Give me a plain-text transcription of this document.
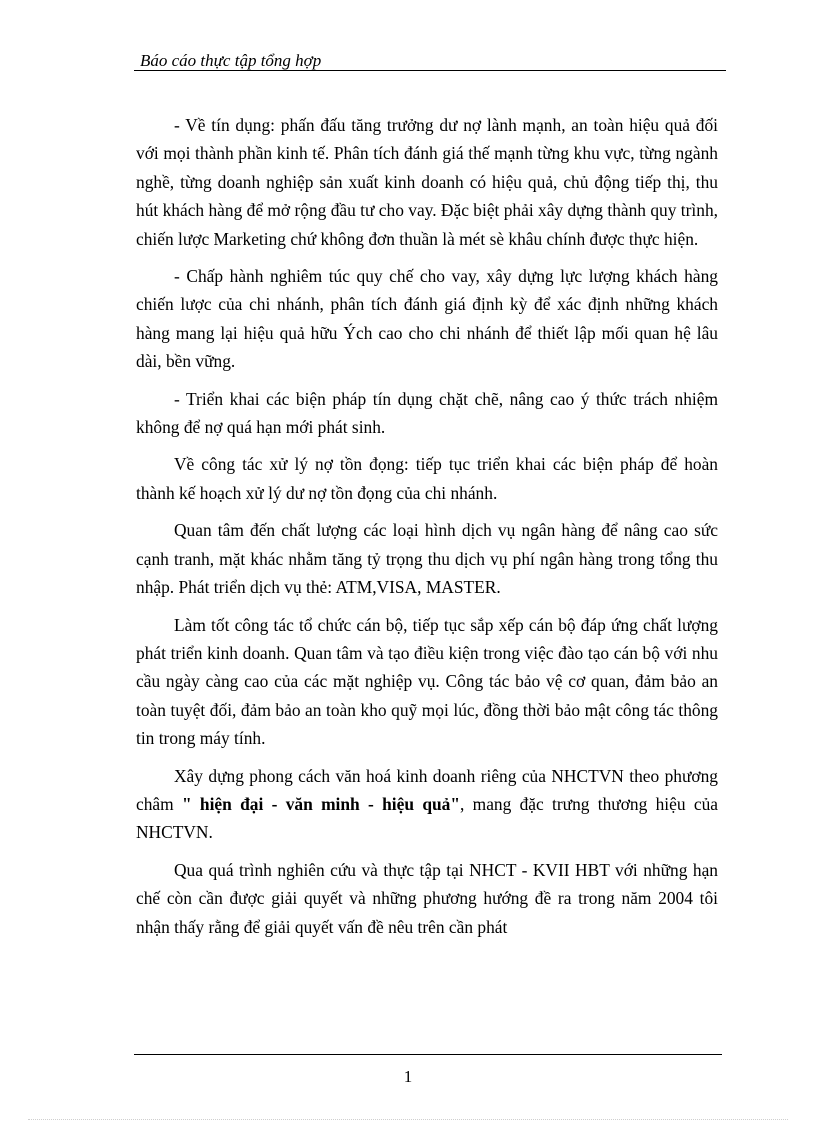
Báo cáo thực tập tổng hợp

- Về tín dụng: phấn đấu tăng trưởng dư nợ lành mạnh, an toàn hiệu quả đối với mọi thành phần kinh tế. Phân tích đánh giá thế mạnh từng khu vực, từng ngành nghề, từng doanh nghiệp sản xuất kinh doanh có hiệu quả, chủ động tiếp thị, thu hút khách hàng để mở rộng đầu tư cho vay. Đặc biệt phải xây dựng thành quy trình, chiến lược Marketing chứ không đơn thuần là mét sè khâu chính được thực hiện.

- Chấp hành nghiêm túc quy chế cho vay, xây dựng lực lượng khách hàng chiến lược của chi nhánh, phân tích đánh giá định kỳ để xác định những khách hàng mang lại hiệu quả hữu Ých cao cho chi nhánh để thiết lập mối quan hệ lâu dài, bền vững.

- Triển khai các biện pháp tín dụng chặt chẽ, nâng cao ý thức trách nhiệm không để nợ quá hạn mới phát sinh.

Về công tác xử lý nợ tồn đọng: tiếp tục triển khai các biện pháp để hoàn thành kế hoạch xử lý dư nợ tồn đọng của chi nhánh.

Quan tâm đến chất lượng các loại hình dịch vụ ngân hàng để nâng cao sức cạnh tranh, mặt khác nhằm tăng tỷ trọng thu dịch vụ phí ngân hàng trong tổng thu nhập. Phát triển dịch vụ thẻ: ATM,VISA, MASTER.

Làm tốt công tác tổ chức cán bộ, tiếp tục sắp xếp cán bộ đáp ứng chất lượng phát triển kinh doanh. Quan tâm và tạo điều kiện trong việc đào tạo cán bộ với nhu cầu ngày càng cao của các mặt nghiệp vụ. Công tác bảo vệ cơ quan, đảm bảo an toàn tuyệt đối, đảm bảo an toàn kho quỹ mọi lúc, đồng thời bảo mật công tác thông tin trong máy tính.

Xây dựng phong cách văn hoá kinh doanh riêng của NHCTVN theo phương châm " hiện đại - văn minh - hiệu quả", mang đặc trưng thương hiệu của NHCTVN.

Qua quá trình nghiên cứu và thực tập tại NHCT - KVII HBT với những hạn chế còn cần được giải quyết và những phương hướng đề ra trong năm 2004 tôi nhận thấy rằng để giải quyết vấn đề nêu trên cần phát

1
